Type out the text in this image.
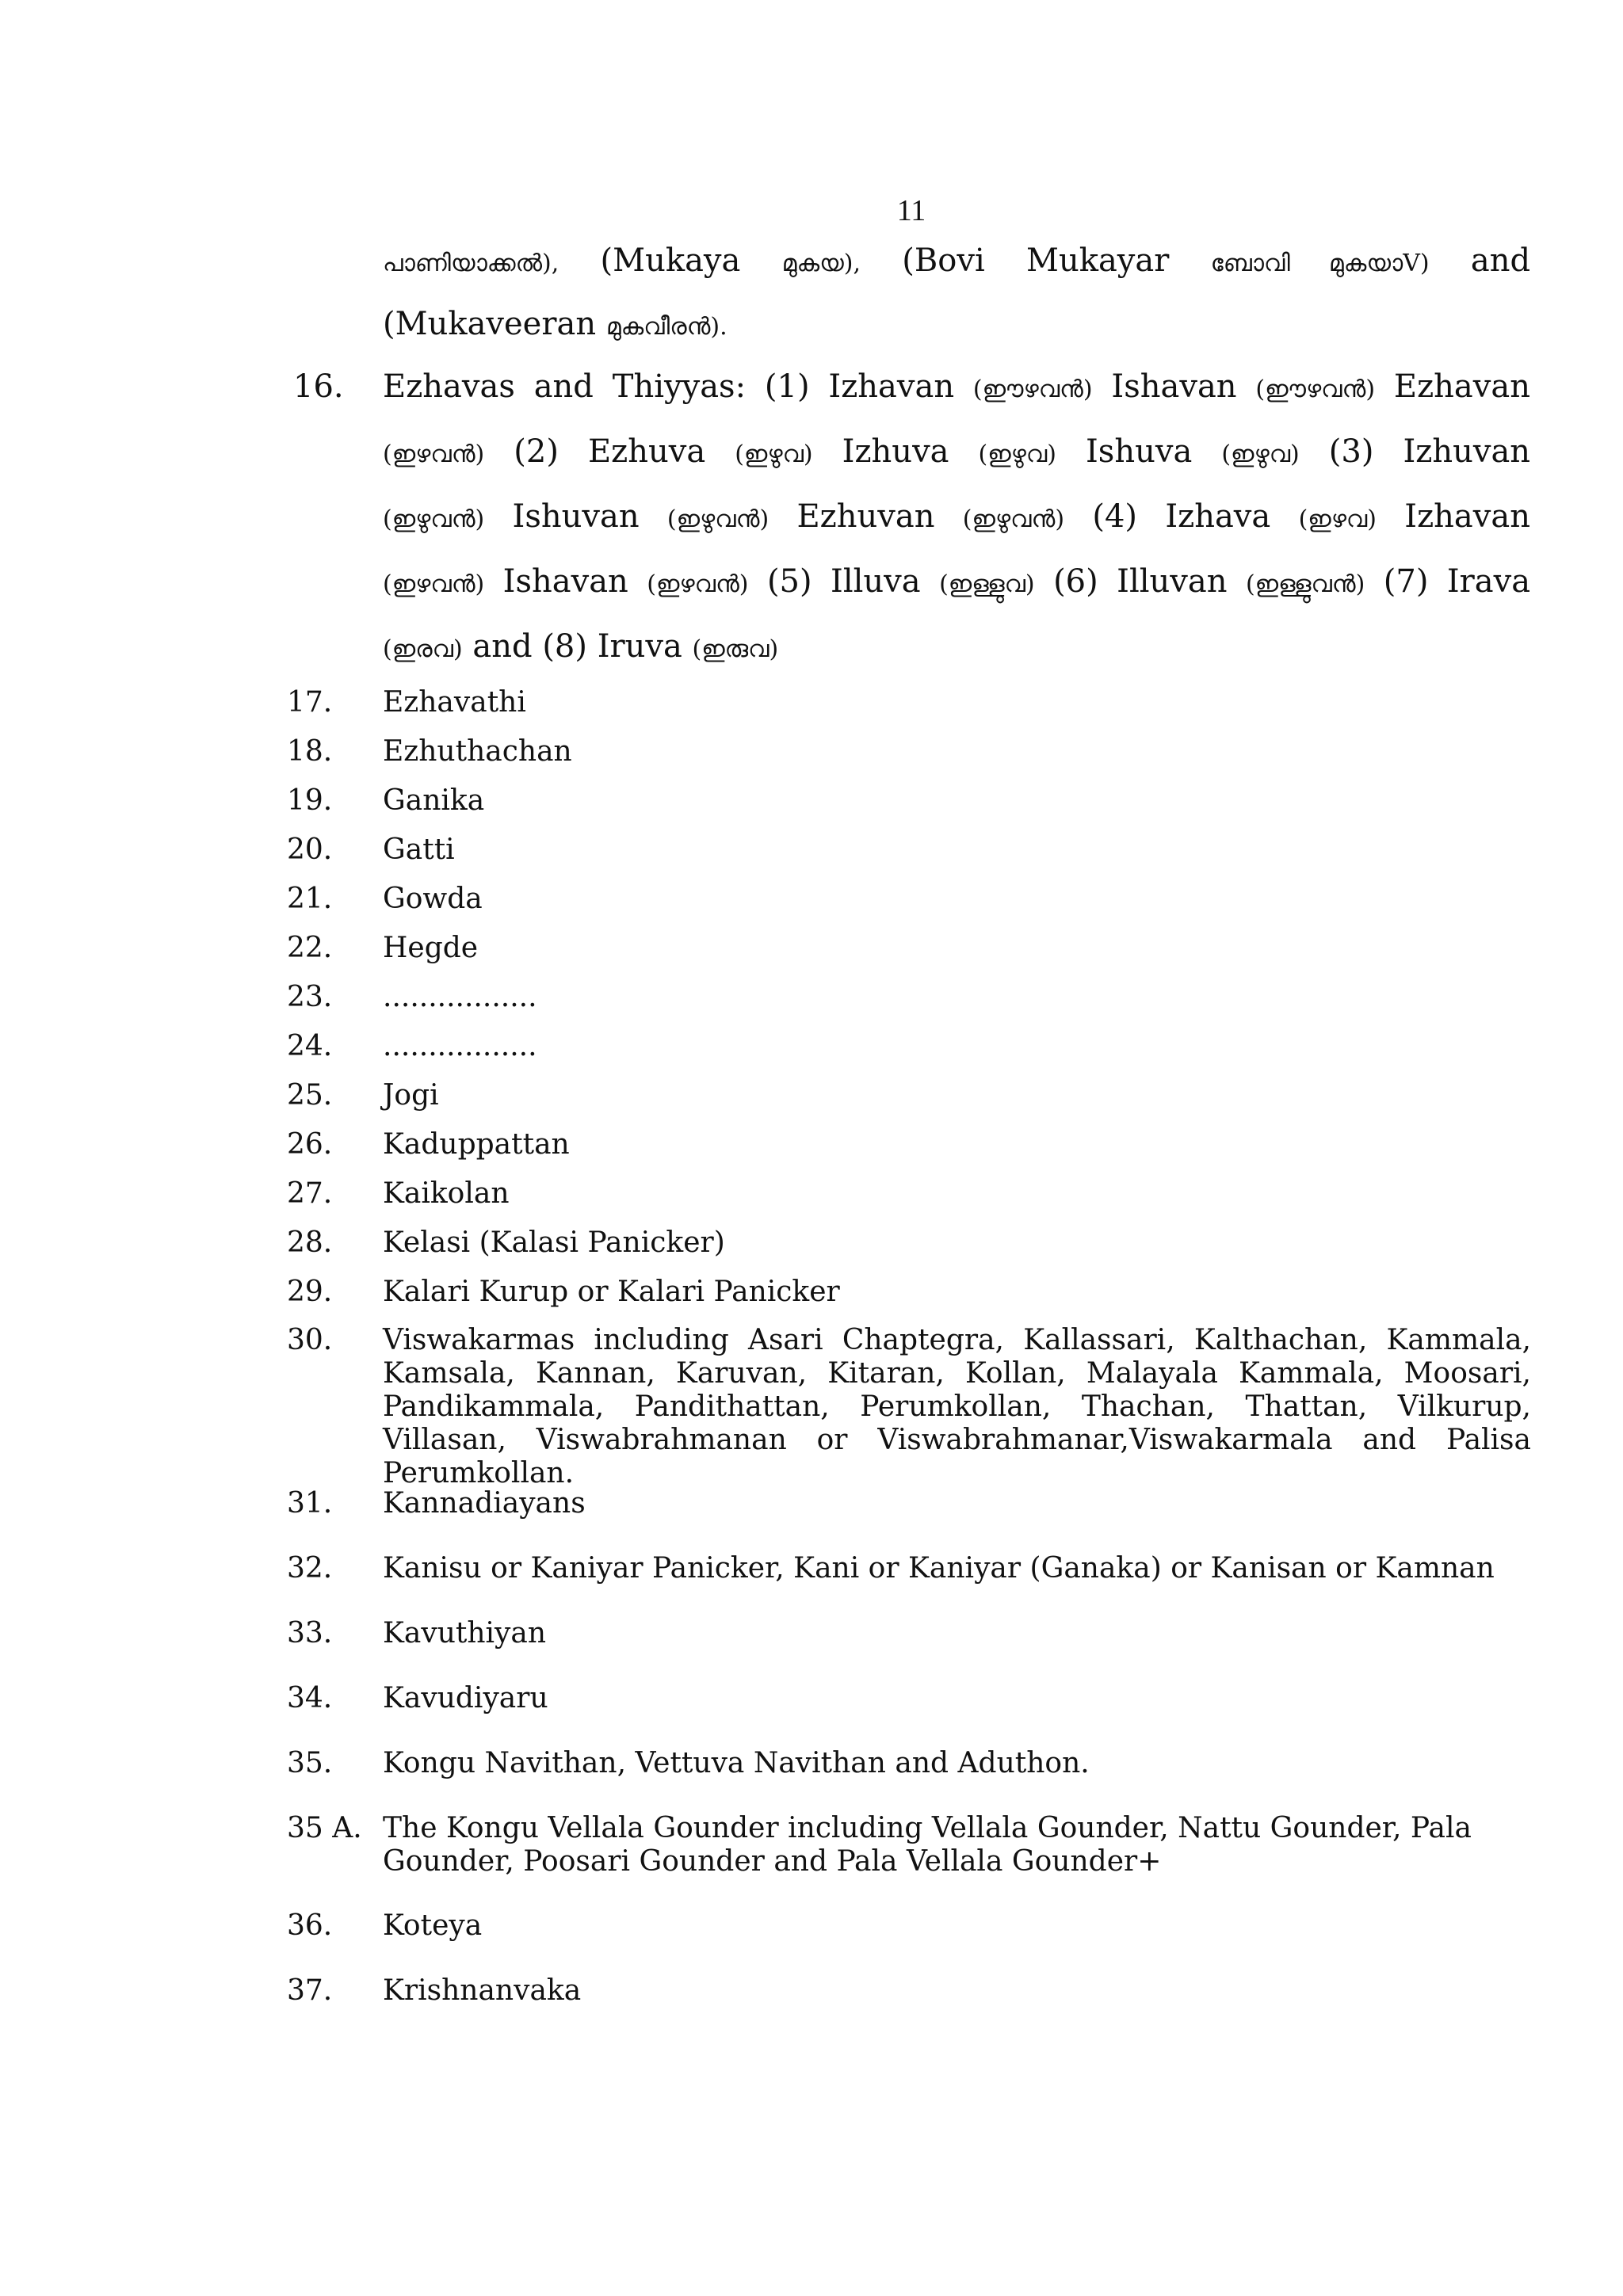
11
പാണിയാക്കൽ), (Mukaya മുകയ), (Bovi Mukayar ബോവി മുകയാV) and
(Mukaveeran മുകവീരൻ).
16. Ezhavas and Thiyyas: (1) Izhavan (ഈഴവൻ) Ishavan (ഈഴവൻ) Ezhavan
(ഇഴവൻ) (2) Ezhuva (ഇഴുവ) Izhuva (ഇഴുവ) Ishuva (ഇഴുവ) (3) Izhuvan
(ഇഴുവൻ) Ishuvan (ഇഴുവൻ) Ezhuvan (ഇഴുവൻ) (4) Izhava (ഇഴവ) Izhavan
(ഇഴവൻ) Ishavan (ഇഴവൻ) (5) Illuva (ഇള്ളുവ) (6) Illuvan (ഇള്ളുവൻ) (7) Irava
(ഇരവ) and (8) Iruva (ഇരുവ)
17. Ezhavathi
18. Ezhuthachan
19. Ganika
20. Gatti
21. Gowda
22. Hegde
23. .................
24. .................
25. Jogi
26. Kaduppattan
27. Kaikolan
28. Kelasi (Kalasi Panicker)
29. Kalari Kurup or Kalari Panicker
30. Viswakarmas including Asari Chaptegra, Kallassari, Kalthachan, Kammala, Kamsala, Kannan, Karuvan, Kitaran, Kollan, Malayala Kammala, Moosari, Pandikammala, Pandithattan, Perumkollan, Thachan, Thattan, Vilkurup, Villasan, Viswabrahmanan or Viswabrahmanar,Viswakarmala and Palisa Perumkollan.
31. Kannadiayans
32. Kanisu or Kaniyar Panicker, Kani or Kaniyar (Ganaka) or Kanisan or Kamnan
33. Kavuthiyan
34. Kavudiyaru
35. Kongu Navithan, Vettuva Navithan and Aduthon.
35 A. The Kongu Vellala Gounder including Vellala Gounder, Nattu Gounder, Pala Gounder, Poosari Gounder and Pala Vellala Gounder+
36. Koteya
37. Krishnanvaka
